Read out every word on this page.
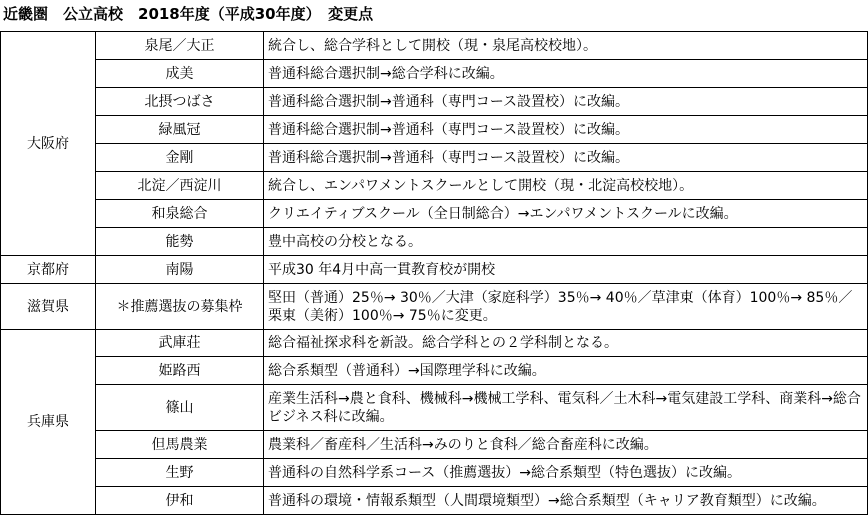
近畿圏　公立高校　2018年度（平成30年度）　変更点
大阪府	泉尾／大正	統合し、総合学科として開校（現・泉尾高校校地）。
	成美	普通科総合選択制→総合学科に改編。
	北摂つばさ	普通科総合選択制→普通科（専門コース設置校）に改編。
	緑風冠	普通科総合選択制→普通科（専門コース設置校）に改編。
	金剛	普通科総合選択制→普通科（専門コース設置校）に改編。
	北淀／西淀川	統合し、エンパワメントスクールとして開校（現・北淀高校校地）。
	和泉総合	クリエイティブスクール（全日制総合）→エンパワメントスクールに改編。
	能勢	豊中高校の分校となる。
京都府	南陽	平成30 年4月中高一貫教育校が開校
滋賀県	＊推薦選抜の募集枠	堅田（普通）25％→ 30％／大津（家庭科学）35％→ 40％／草津東（体育）100％→ 85％／栗東（美術）100％→ 75％に変更。
兵庫県	武庫荘	総合福祉探求科を新設。総合学科との２学科制となる。
	姫路西	総合系類型（普通科）→国際理学科に改編。
	篠山	産業生活科→農と食科、機械科→機械工学科、電気科／土木科→電気建設工学科、商業科→総合ビジネス科に改編。
	但馬農業	農業科／畜産科／生活科→みのりと食科／総合畜産科に改編。
	生野	普通科の自然科学系コース（推薦選抜）→総合系類型（特色選抜）に改編。
	伊和	普通科の環境・情報系類型（人間環境類型）→総合系類型（キャリア教育類型）に改編。
